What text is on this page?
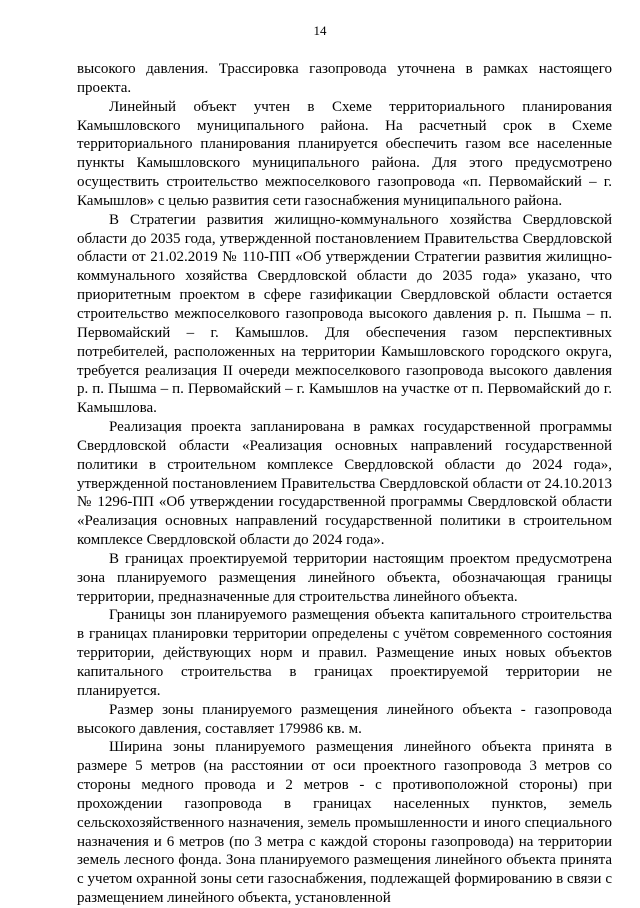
14

высокого давления. Трассировка газопровода уточнена в рамках настоящего проекта.

Линейный объект учтен в Схеме территориального планирования Камышловского муниципального района. На расчетный срок в Схеме территориального планирования планируется обеспечить газом все населенные пункты Камышловского муниципального района. Для этого предусмотрено осуществить строительство межпоселкового газопровода «п. Первомайский – г. Камышлов» с целью развития сети газоснабжения муниципального района.

В Стратегии развития жилищно-коммунального хозяйства Свердловской области до 2035 года, утвержденной постановлением Правительства Свердловской области от 21.02.2019 № 110-ПП «Об утверждении Стратегии развития жилищно-коммунального хозяйства Свердловской области до 2035 года» указано, что приоритетным проектом в сфере газификации Свердловской области остается строительство межпоселкового газопровода высокого давления р. п. Пышма – п. Первомайский – г. Камышлов. Для обеспечения газом перспективных потребителей, расположенных на территории Камышловского городского округа, требуется реализация II очереди межпоселкового газопровода высокого давления р. п. Пышма – п. Первомайский – г. Камышлов на участке от п. Первомайский до г. Камышлова.

Реализация проекта запланирована в рамках государственной программы Свердловской области «Реализация основных направлений государственной политики в строительном комплексе Свердловской области до 2024 года», утвержденной постановлением Правительства Свердловской области от 24.10.2013 № 1296-ПП «Об утверждении государственной программы Свердловской области «Реализация основных направлений государственной политики в строительном комплексе Свердловской области до 2024 года».

В границах проектируемой территории настоящим проектом предусмотрена зона планируемого размещения линейного объекта, обозначающая границы территории, предназначенные для строительства линейного объекта.

Границы зон планируемого размещения объекта капитального строительства в границах планировки территории определены с учётом современного состояния территории, действующих норм и правил. Размещение иных новых объектов капитального строительства в границах проектируемой территории не планируется.

Размер зоны планируемого размещения линейного объекта - газопровода высокого давления, составляет 179986 кв. м.

Ширина зоны планируемого размещения линейного объекта принята в размере 5 метров (на расстоянии от оси проектного газопровода 3 метров со стороны медного провода и 2 метров - с противоположной стороны) при прохождении газопровода в границах населенных пунктов, земель сельскохозяйственного назначения, земель промышленности и иного специального назначения и 6 метров (по 3 метра с каждой стороны газопровода) на территории земель лесного фонда. Зона планируемого размещения линейного объекта принята с учетом охранной зоны сети газоснабжения, подлежащей формированию в связи с размещением линейного объекта, установленной
